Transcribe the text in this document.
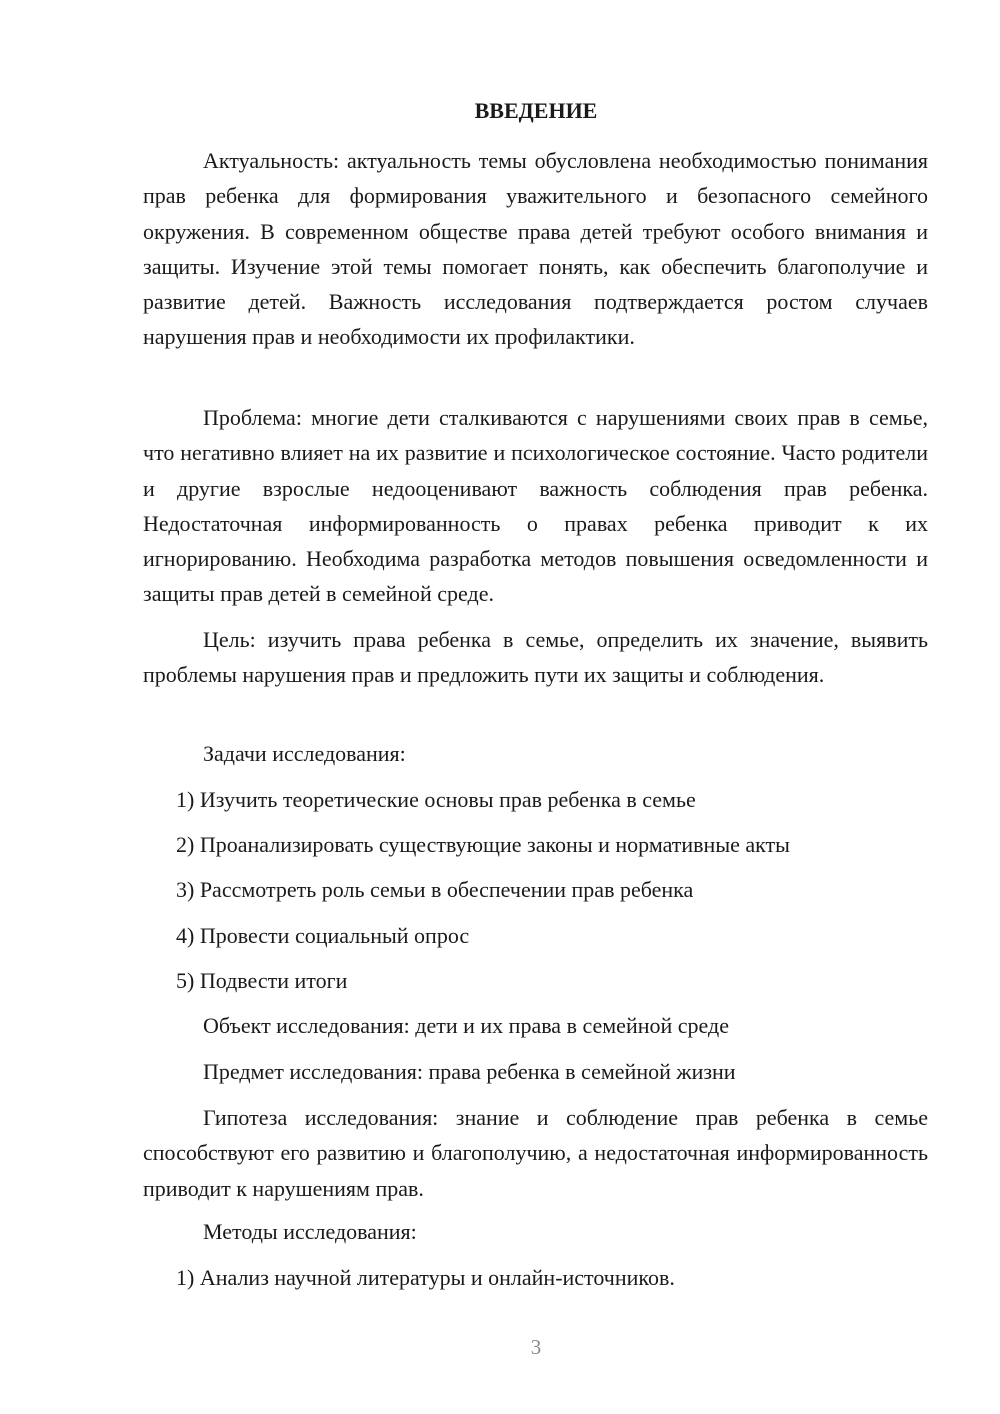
ВВЕДЕНИЕ

Актуальность: актуальность темы обусловлена необходимостью понимания прав ребенка для формирования уважительного и безопасного семейного окружения. В современном обществе права детей требуют особого внимания и защиты. Изучение этой темы помогает понять, как обеспечить благополучие и развитие детей. Важность исследования подтверждается ростом случаев нарушения прав и необходимости их профилактики.

Проблема: многие дети сталкиваются с нарушениями своих прав в семье, что негативно влияет на их развитие и психологическое состояние. Часто родители и другие взрослые недооценивают важность соблюдения прав ребенка. Недостаточная информированность о правах ребенка приводит к их игнорированию. Необходима разработка методов повышения осведомленности и защиты прав детей в семейной среде.

Цель: изучить права ребенка в семье, определить их значение, выявить проблемы нарушения прав и предложить пути их защиты и соблюдения.

Задачи исследования:

1) Изучить теоретические основы прав ребенка в семье

2) Проанализировать существующие законы и нормативные акты

3) Рассмотреть роль семьи в обеспечении прав ребенка

4) Провести социальный опрос

5) Подвести итоги

Объект исследования: дети и их права в семейной среде

Предмет исследования: права ребенка в семейной жизни

Гипотеза исследования: знание и соблюдение прав ребенка в семье способствуют его развитию и благополучию, а недостаточная информированность приводит к нарушениям прав.

Методы исследования:

1) Анализ научной литературы и онлайн-источников.

3
